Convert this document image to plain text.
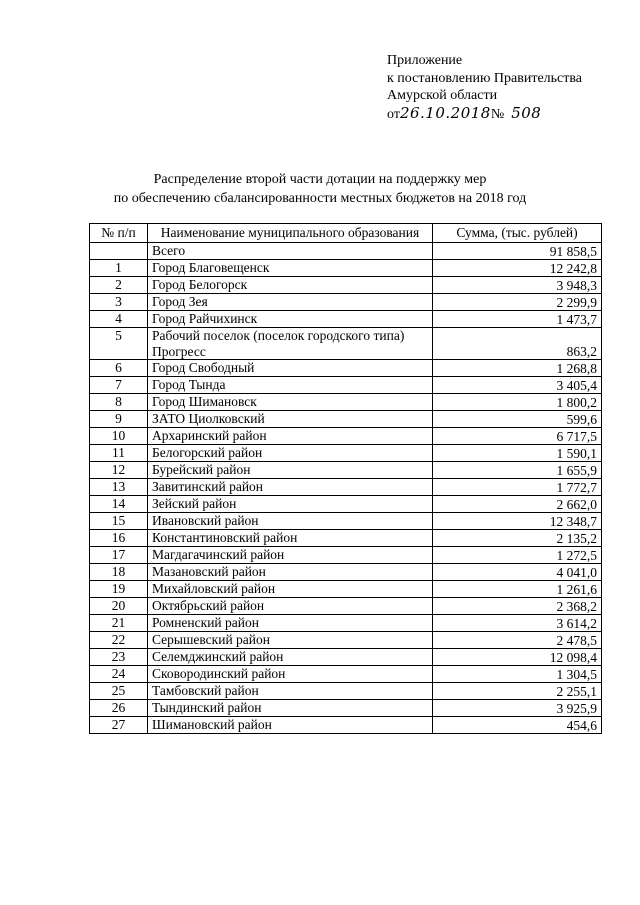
Приложение
к постановлению Правительства
Амурской области
от26.10.2018№ 508
Распределение второй части дотации на поддержку мер
по обеспечению сбалансированности местных бюджетов на 2018 год
№ п/п	Наименование муниципального образования	Сумма, (тыс. рублей)
	Всего	91 858,5
1	Город Благовещенск	12 242,8
2	Город Белогорск	3 948,3
3	Город Зея	2 299,9
4	Город Райчихинск	1 473,7
5	Рабочий поселок (поселок городского типа) Прогресс	863,2
6	Город Свободный	1 268,8
7	Город Тында	3 405,4
8	Город Шимановск	1 800,2
9	ЗАТО Циолковский	599,6
10	Архаринский район	6 717,5
11	Белогорский район	1 590,1
12	Бурейский район	1 655,9
13	Завитинский район	1 772,7
14	Зейский район	2 662,0
15	Ивановский район	12 348,7
16	Константиновский район	2 135,2
17	Магдагачинский район	1 272,5
18	Мазановский район	4 041,0
19	Михайловский район	1 261,6
20	Октябрьский район	2 368,2
21	Ромненский район	3 614,2
22	Серышевский район	2 478,5
23	Селемджинский район	12 098,4
24	Сковородинский район	1 304,5
25	Тамбовский район	2 255,1
26	Тындинский район	3 925,9
27	Шимановский район	454,6
